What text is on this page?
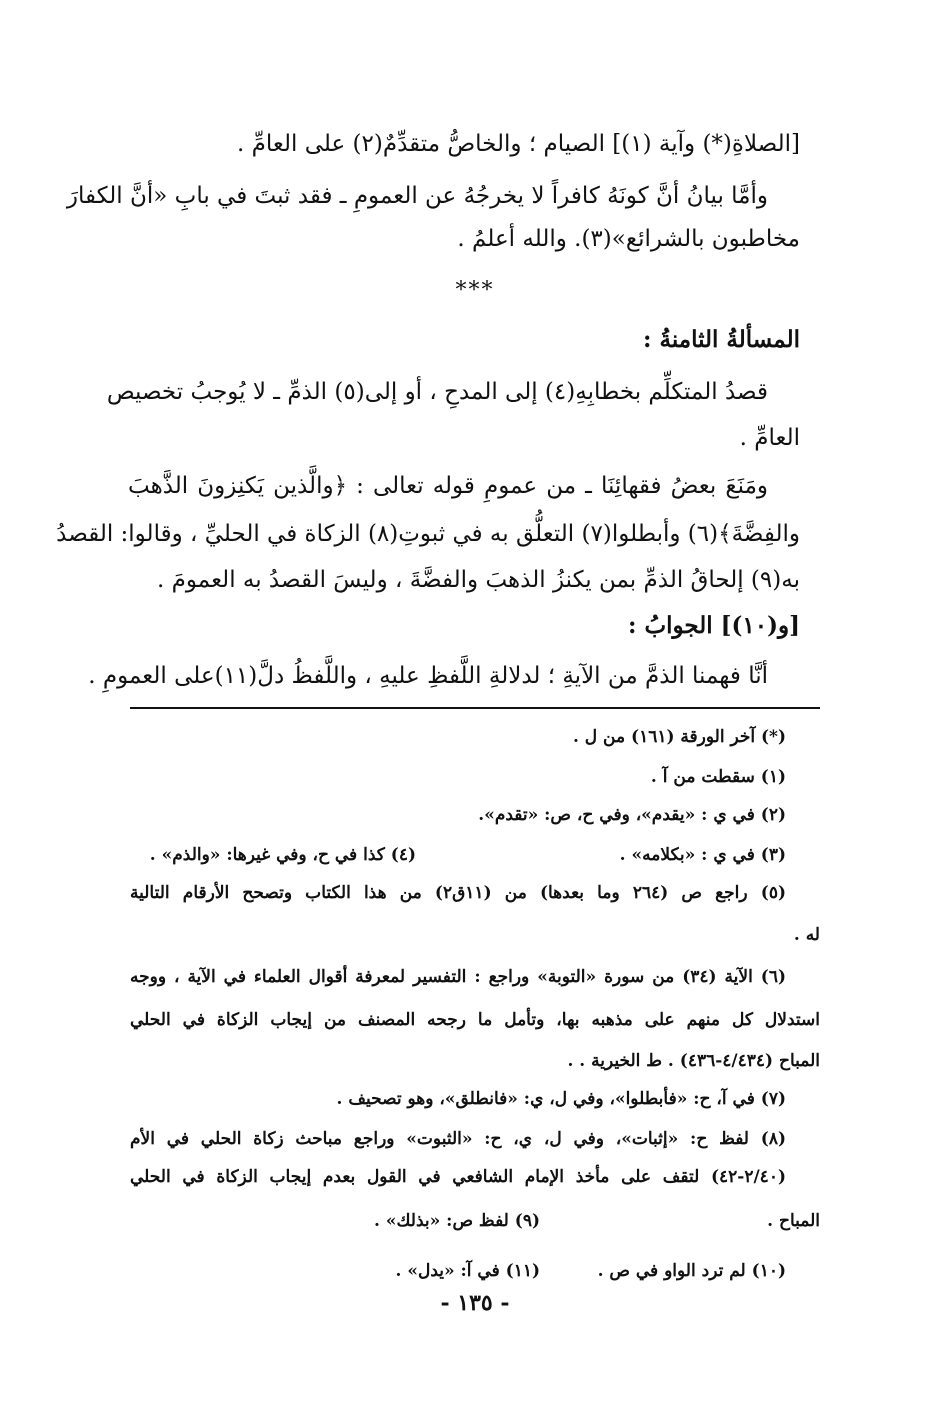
[الصلاةِ(*) وآية (١)] الصيام ؛ والخاصُّ متقدِّمٌ(٢) على العامِّ .
وأمَّا بيانُ أنَّ كونَهُ كافراً لا يخرجُهُ عن العمومِ ـ فقد ثبتَ في بابِ «أنَّ الكفارَ
مخاطبون بالشرائع»(٣). والله أعلمُ .
***
المسألةُ الثامنةُ :
قصدُ المتكلِّم بخطابِهِ(٤) إلى المدحِ ، أو إلى(٥) الذمِّ ـ لا يُوجبُ تخصيص
العامِّ .
ومَنَعَ بعضُ فقهائِنَا ـ من عمومِ قوله تعالى : ﴿والَّذين يَكنِزونَ الذَّهبَ
والفِضَّةَ﴾(٦) وأبطلوا(٧) التعلُّق به في ثبوتِ(٨) الزكاة في الحليِّ ، وقالوا: القصدُ
به(٩) إلحاقُ الذمِّ بمن يكنزُ الذهبَ والفضَّةَ ، وليسَ القصدُ به العمومَ .
[و(١٠)] الجوابُ :
أنَّا فهمنا الذمَّ من الآيةِ ؛ لدلالةِ اللَّفظِ عليهِ ، واللَّفظُ دلَّ(١١)على العمومِ .
(*) آخر الورقة (١٦١) من ل .
(١) سقطت من آ .
(٢) في ي : «يقدم»، وفي ح، ص: «تقدم».
(٣) في ي : «بكلامه» .
(٤) كذا في ح، وفي غيرها: «والذم» .
(٥) راجع ص (٢٦٤ وما بعدها) من (١١ق٢) من هذا الكتاب وتصحح الأرقام التالية
له .
(٦) الآية (٣٤) من سورة «التوبة» وراجع : التفسير لمعرفة أقوال العلماء في الآية ، ووجه
استدلال كل منهم على مذهبه بها، وتأمل ما رجحه المصنف من إيجاب الزكاة في الحلي
المباح (٤/٤٣٤-٤٣٦) . ط الخيرية . .
(٧) في آ، ح: «فأبطلوا»، وفي ل، ي: «فانطلق»، وهو تصحيف .
(٨) لفظ ح: «إثبات»، وفي ل، ي، ح: «الثبوت» وراجع مباحث زكاة الحلي في الأم
(٢/٤٠-٤٢) لتقف على مأخذ الإمام الشافعي في القول بعدم إيجاب الزكاة في الحلي
المباح .
(٩) لفظ ص: «بذلك» .
(١٠) لم ترد الواو في ص .
(١١) في آ: «يدل» .
- ١٣٥ -
